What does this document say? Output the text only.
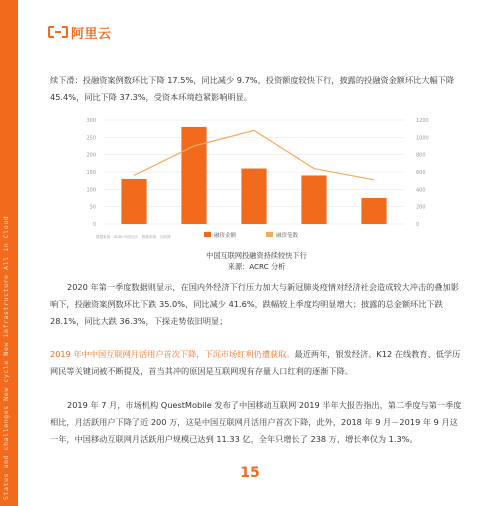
Status and challenges New cycle New infrastructure All in Cloud
阿里云

续下滑：投融资案例数环比下降 17.5%，同比减少 9.7%，投资额度较快下行，披露的投融资金额环比大幅下降 45.4%，同比下降 37.3%，受资本环境趋紧影响明显。

0
50
100
150
200
250
300
0
200
400
600
800
1000
1200
数据来源：ACRC中国社区　数据来源：互联网	融资金额	融资笔数
中国互联网投融资持续较快下行
来源：ACRC 分析

2020 年第一季度数据则显示，在国内外经济下行压力加大与新冠肺炎疫情对经济社会造成较大冲击的叠加影响下，投融资案例数环比下跌 35.0%，同比减少 41.6%，跌幅较上季度均明显增大；披露的总金额环比下跌 28.1%，同比大跌 36.3%，下探走势依旧明显；

2019 年中中国互联网月活用户首次下降，下沉市场红利仍遭获取。最近两年，银发经济、K12 在线教育、低学历网民等关键词被不断提及，首当其冲的原因是互联网现有存量人口红利的逐渐下降。

2019 年 7 月，市场机构 QuestMobile 发布了中国移动互联网 2019 半年大报告指出，第二季度与第一季度相比，月活跃用户下降了近 200 万，这是中国互联网月活用户首次下降，此外，2018 年 9 月－2019 年 9 月这一年，中国移动互联网月活跃用户规模已达到 11.33 亿，全年只增长了 238 万，增长率仅为 1.3%。

15
